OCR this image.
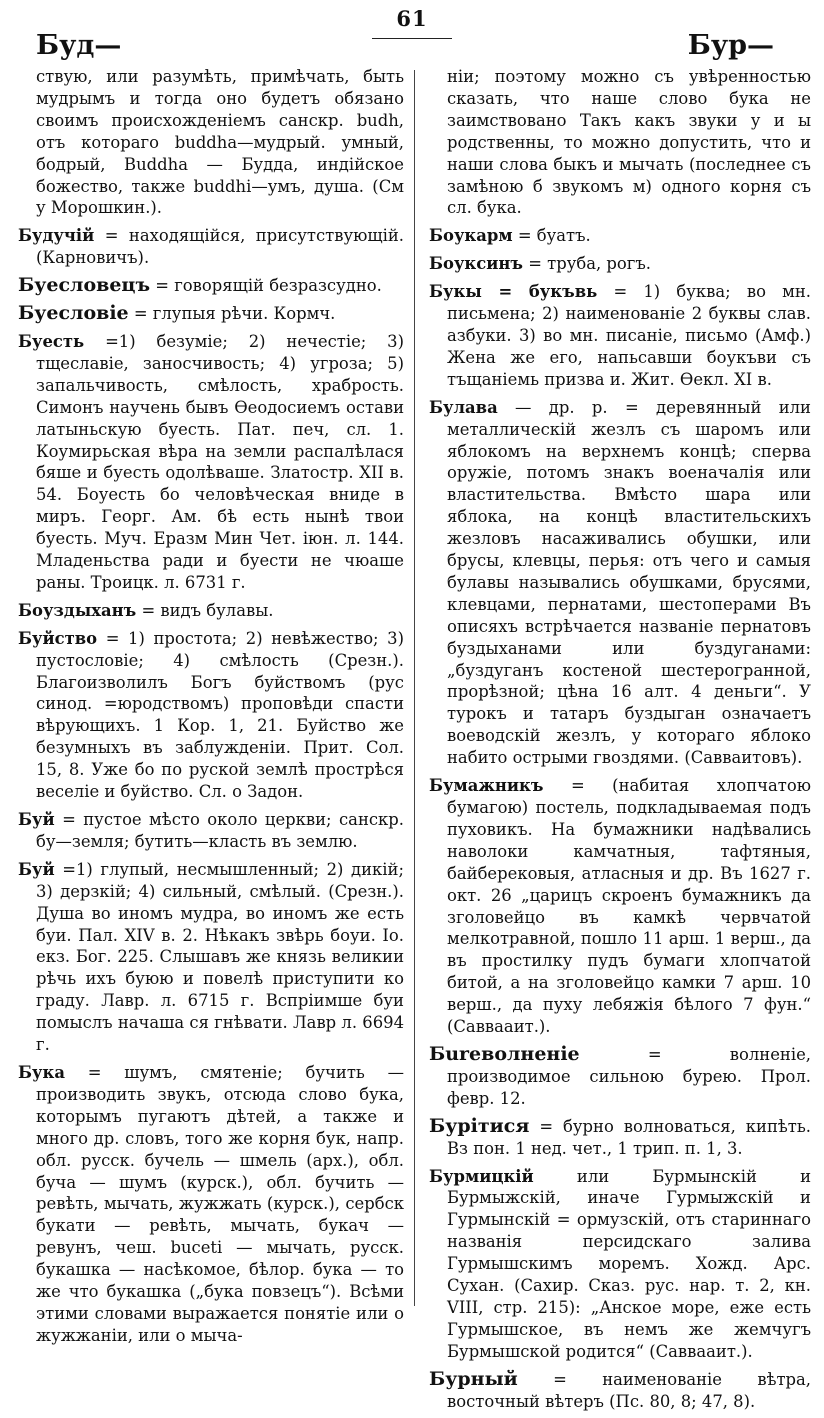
61
Буд—	Бур—

ствую, или разумѣть, примѣчать, быть мудрымъ и тогда оно будетъ обязано своимъ происхожденіемъ санскр. budh, отъ котораго buddha—мудрый. умный, бодрый, Buddha — Будда, индійское божество, также buddhi—умъ, душа. (См у Морошкин.).

Будучій = находящійся, присутствующій. (Карновичъ).

Буесловецъ = говорящій безразсудно.

Буесловіе = глупыя рѣчи. Кормч.

Буесть =1) безуміе; 2) нечестіе; 3) тщеславіе, заносчивость; 4) угроза; 5) запальчивость, смѣлость, храбрость. Симонъ научень бывъ Өеодосиемъ остави латыньскую буесть. Пат. печ, сл. 1. Коумирьская вѣра на земли распалѣлася бяше и буесть одолѣваше. Златостр. XII в. 54. Боуесть бо человѣческая вниде в миръ. Георг. Ам. бѣ есть нынѣ твои буесть. Муч. Еразм Мин Чет. іюн. л. 144. Младеньства ради и буести не чюаше раны. Троицк. л. 6731 г.

Боуздыханъ = видъ булавы.

Буйство = 1) простота; 2) невѣжество; 3) пустословіе; 4) смѣлость (Срезн.). Благоизволилъ Богъ буйствомъ (рус синод. =юродствомъ) проповѣди спасти вѣрующихъ. 1 Кор. 1, 21. Буйство же безумныхъ въ заблужденіи. Прит. Сол. 15, 8. Уже бо по руской землѣ прострѣся веселіе и буйство. Сл. о Задон.

Буй = пустое мѣсто около церкви; санскр. бу—земля; бутить—класть въ землю.

Буй =1) глупый, несмышленный; 2) дикій; 3) дерзкій; 4) сильный, смѣлый. (Срезн.). Душа во иномъ мудра, во иномъ же есть буи. Пал. XIV в. 2. Нѣкакъ звѣрь боуи. Іо. екз. Бог. 225. Слышавъ же князь великии рѣчь ихъ буюю и повелѣ приступити ко граду. Лавр. л. 6715 г. Вспріимше буи помыслъ начаша ся гнѣвати. Лавр л. 6694 г.

Бука = шумъ, смятеніе; бучить — производить звукъ, отсюда слово бука, которымъ пугаютъ дѣтей, а также и много др. словъ, того же корня бук, напр. обл. русск. бучель — шмель (арх.), обл. буча — шумъ (курск.), обл. бучить — ревѣть, мычать, жужжать (курск.), сербск букати — ревѣть, мычать, букач — ревунъ, чеш. buceti — мычать, русск. букашка — насѣкомое, бѣлор. бука — то же что букашка („бука повзецъ“). Всѣми этими словами выражается понятіе или о жужжаніи, или о мыча-

ніи; поэтому можно съ увѣренностью сказать, что наше слово бука не заимствовано Такъ какъ звуки у и ы родственны, то можно допустить, что и наши слова быкъ и мычать (последнее съ замѣною б звукомъ м) одного корня съ сл. бука.

Боукарм = буатъ.

Боуксинъ = труба, рогъ.

Букы = букъвь = 1) буква; во мн. письмена; 2) наименованіе 2 буквы слав. азбуки. 3) во мн. писаніе, письмо (Амф.) Жена же его, напьсавши боукъви съ тъщаніемь призва и. Жит. Өекл. XI в.

Булава — др. р. = деревянный или металлическій жезлъ съ шаромъ или яблокомъ на верхнемъ концѣ; сперва оружіе, потомъ знакъ военачалія или властительства. Вмѣсто шара или яблока, на концѣ властительскихъ жезловъ насаживались обушки, или брусы, клевцы, перья: отъ чего и самыя булавы назывались обушками, брусями, клевцами, пернатами, шестоперами Въ описяхъ встрѣчается названіе пернатовъ буздыханами или буздуганами: „буздуганъ костеной шестерогранной, прорѣзной; цѣна 16 алт. 4 деньги“. У турокъ и татаръ буздыган означаетъ воеводскій жезлъ, у котораго яблоко набито острыми гвоздями. (Савваитовъ).

Бумажникъ = (набитая хлопчатою бумагою) постель, подкладываемая подъ пуховикъ. На бумажники надѣвались наволоки камчатныя, тафтяныя, байберековыя, атласныя и др. Въ 1627 г. окт. 26 „царицъ скроенъ бумажникъ да зголовейцо въ камкѣ червчатой мелкотравной, пошло 11 арш. 1 верш., да въ простилку пудъ бумаги хлопчатой битой, а на зголовейцо камки 7 арш. 10 верш., да пуху лебяжія бѣлого 7 фун.“ (Саввааит.).

Бureволненіе	= волненіе, производимое сильною бурею. Прол. февр. 12.

Бурітися = бурно волноваться, кипѣть. Вз пон. 1 нед. чет., 1 трип. п. 1, 3.

Бурмицкій	или Бурмынскій и Бурмыжскій, иначе Гурмыжскій и Гурмынскій = ормузскій, отъ стариннаго названія персидскаго залива Гурмышскимъ моремъ. Хожд. Арс. Сухан. (Сахир. Сказ. рус. нар. т. 2, кн. VIII, стр. 215): „Анское море, еже есть Гурмышское, въ немъ же жемчугъ Бурмышской родится“ (Саввааит.).

Бурный = наименованіе вѣтра, восточный вѣтеръ (Пс. 80, 8; 47, 8).
